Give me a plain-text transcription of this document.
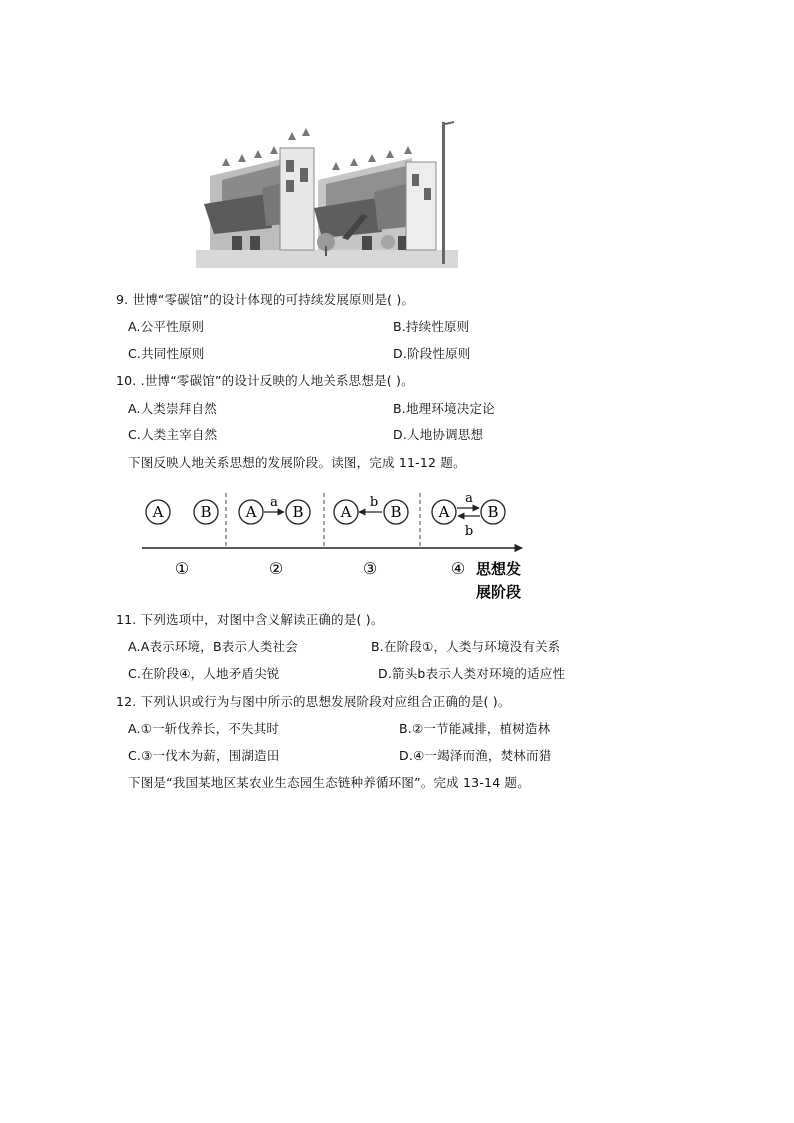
9. 世博“零碳馆”的设计体现的可持续发展原则是( )。
A.公平性原则	B.持续性原则
C.共同性原则	D.阶段性原则
10. .世博“零碳馆”的设计反映的人地关系思想是( )。
A.人类崇拜自然	B.地理环境决定论
C.人类主宰自然	D.人地协调思想
下图反映人地关系思想的发展阶段。读图，完成 11-12 题。
A B A
a
B A
b
B A
a
b
B
①	②	③	④ 思想发
展阶段
11. 下列选项中，对图中含义解读正确的是( )。
A.A表示环境，B表示人类社会	B.在阶段①，人类与环境没有关系
C.在阶段④，人地矛盾尖锐	D.箭头b表示人类对环境的适应性
12. 下列认识或行为与图中所示的思想发展阶段对应组合正确的是( )。
A.①一斩伐养长，不失其时	B.②一节能减排，植树造林
C.③一伐木为薪，围湖造田	D.④一竭泽而渔，焚林而猎
下图是“我国某地区某农业生态园生态链种养循环图”。完成 13-14 题。
